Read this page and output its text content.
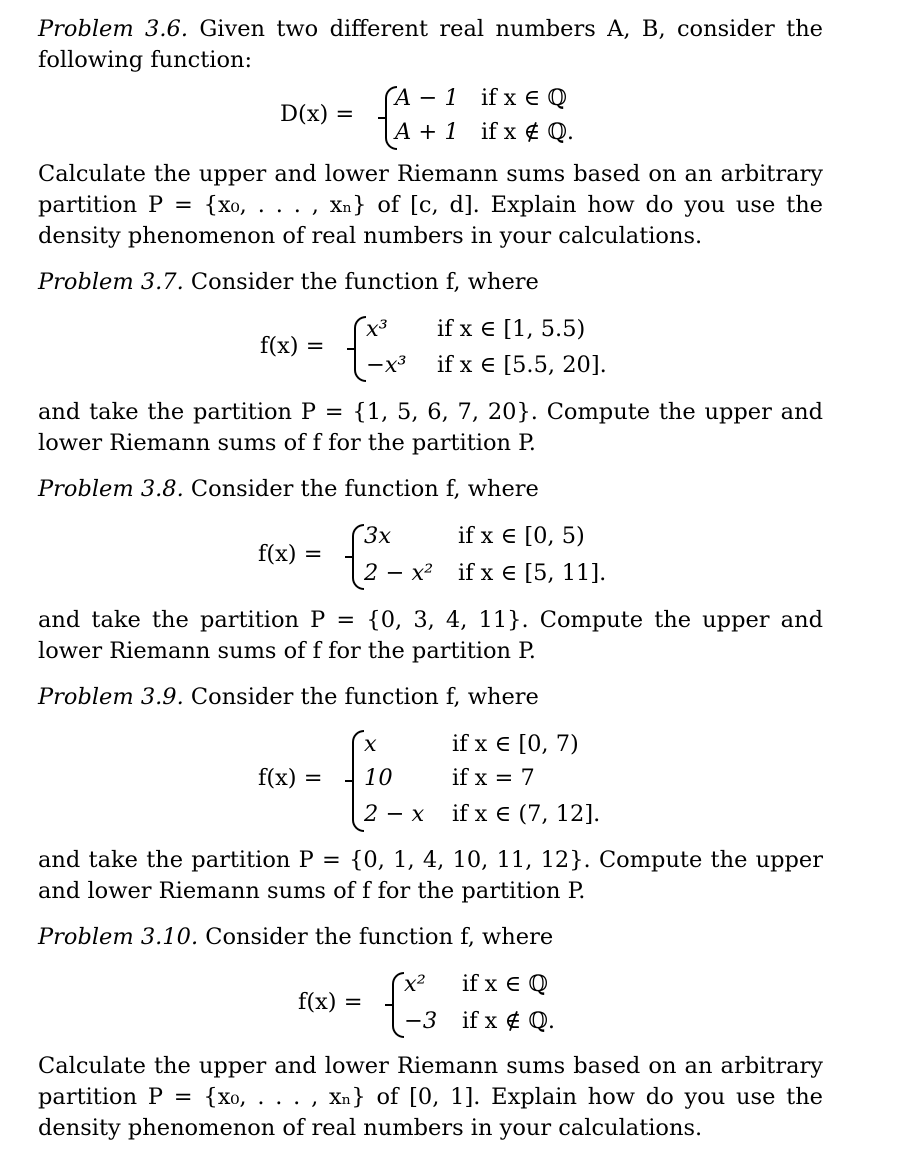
Problem 3.6. Given two different real numbers A, B, consider the following function:

D(x) =
A − 1 if x ∈ ℚ
A + 1 if x ∉ ℚ.

Calculate the upper and lower Riemann sums based on an arbitrary partition P = {x₀, . . . , xₙ} of [c, d]. Explain how do you use the density phenomenon of real numbers in your calculations.

Problem 3.7. Consider the function f, where

f(x) =
x³ if x ∈ [1, 5.5)
−x³ if x ∈ [5.5, 20].

and take the partition P = {1, 5, 6, 7, 20}. Compute the upper and lower Riemann sums of f for the partition P.

Problem 3.8. Consider the function f, where

f(x) =
3x	if x ∈ [0, 5)
2 − x² if x ∈ [5, 11].

and take the partition P = {0, 3, 4, 11}. Compute the upper and lower Riemann sums of f for the partition P.

Problem 3.9. Consider the function f, where

f(x) =
x	if x ∈ [0, 7)
10	if x = 7
2 − x if x ∈ (7, 12].

and take the partition P = {0, 1, 4, 10, 11, 12}. Compute the upper and lower Riemann sums of f for the partition P.

Problem 3.10. Consider the function f, where

f(x) =
x² if x ∈ ℚ
−3 if x ∉ ℚ.

Calculate the upper and lower Riemann sums based on an arbitrary partition P = {x₀, . . . , xₙ} of [0, 1]. Explain how do you use the density phenomenon of real numbers in your calculations.
